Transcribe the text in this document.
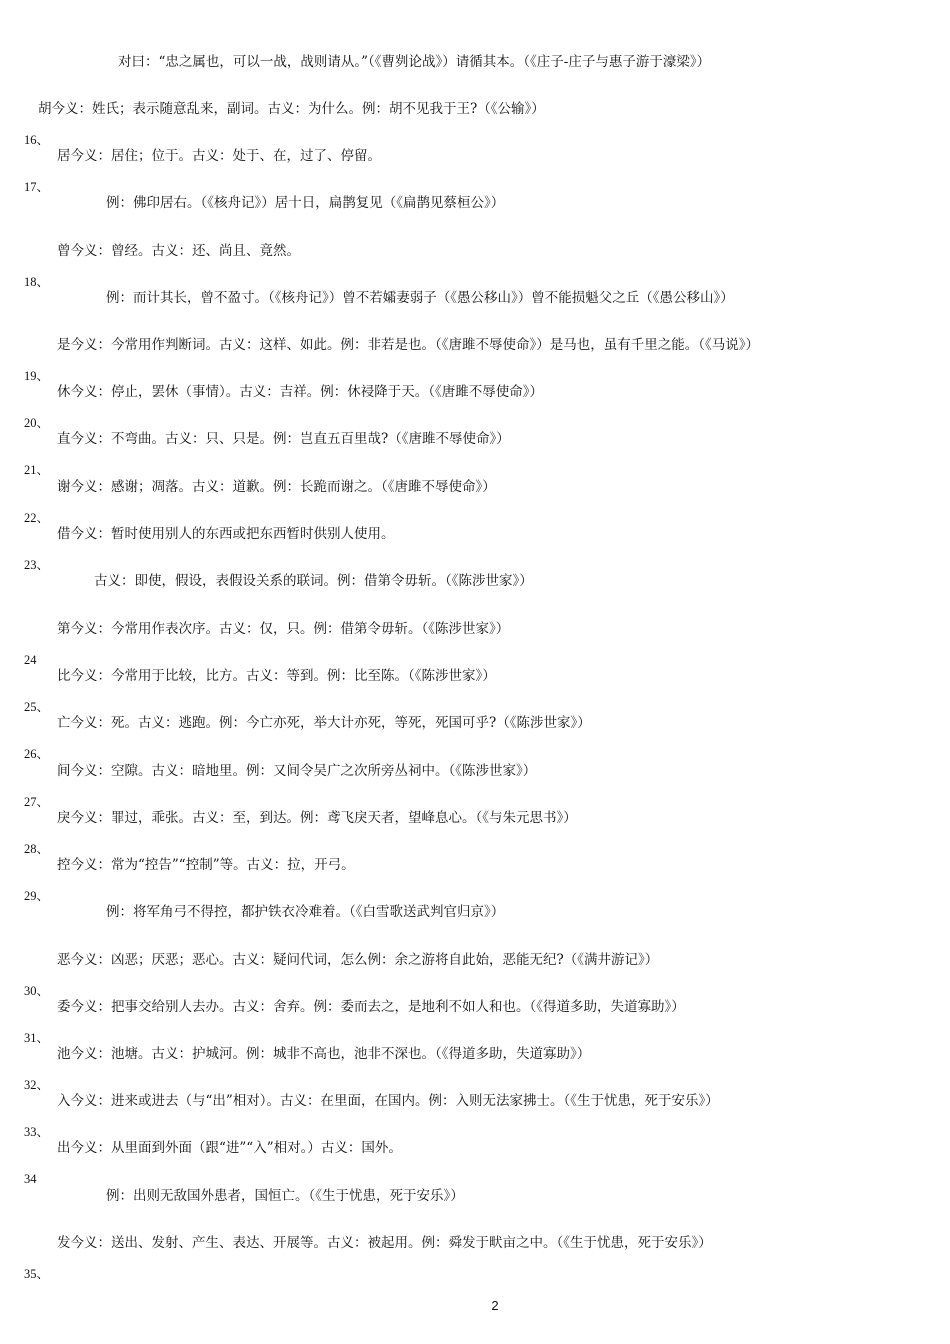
对曰：“忠之属也，可以一战，战则请从。”（《曹刿论战》）请循其本。（《庄子-庄子与惠子游于濠梁》）
胡今义：姓氏；表示随意乱来，副词。古义：为什么。例：胡不见我于王?（《公输》）
16、
居今义：居住；位于。古义：处于、在，过了、停留。
17、
例：佛印居右。（《核舟记》）居十日，扁鹊复见（《扁鹊见蔡桓公》）
曾今义：曾经。古义：还、尚且、竟然。
18、
例：而计其长，曾不盈寸。（《核舟记》）曾不若孀妻弱子（《愚公移山》）曾不能损魁父之丘（《愚公移山》）
是今义：今常用作判断词。古义：这样、如此。例：非若是也。（《唐雎不辱使命》）是马也，虽有千里之能。（《马说》）
19、
休今义：停止，罢休（事情）。古义：吉祥。例：休祲降于天。（《唐雎不辱使命》）
20、
直今义：不弯曲。古义：只、只是。例：岂直五百里哉?（《唐雎不辱使命》）
21、
谢今义：感谢；凋落。古义：道歉。例：长跪而谢之。（《唐雎不辱使命》）
22、
借今义：暂时使用别人的东西或把东西暂时供别人使用。
23、
古义：即使，假设，表假设关系的联词。例：借第令毋斩。（《陈涉世家》）
第今义：今常用作表次序。古义：仅，只。例：借第令毋斩。（《陈涉世家》）
24
比今义：今常用于比较，比方。古义：等到。例：比至陈。（《陈涉世家》）
25、
亡今义：死。古义：逃跑。例：今亡亦死，举大计亦死，等死，死国可乎?（《陈涉世家》）
26、
间今义：空隙。古义：暗地里。例：又间令吴广之次所旁丛祠中。（《陈涉世家》）
27、
戾今义：罪过，乖张。古义：至，到达。例：鸢飞戾天者，望峰息心。（《与朱元思书》）
28、
控今义：常为“控告”“控制”等。古义：拉，开弓。
29、
例：将军角弓不得控，都护铁衣冷难着。（《白雪歌送武判官归京》）
恶今义：凶恶；厌恶；恶心。古义：疑问代词，怎么例：余之游将自此始，恶能无纪?（《满井游记》）
30、
委今义：把事交给别人去办。古义：舍弃。例：委而去之，是地利不如人和也。（《得道多助，失道寡助》）
31、
池今义：池塘。古义：护城河。例：城非不高也，池非不深也。（《得道多助，失道寡助》）
32、
入今义：进来或进去（与“出”相对）。古义：在里面，在国内。例：入则无法家拂士。（《生于忧患，死于安乐》）
33、
出今义：从里面到外面（跟“进”“入”相对。）古义：国外。
34
例：出则无敌国外患者，国恒亡。（《生于忧患，死于安乐》）
发今义：送出、发射、产生、表达、开展等。古义：被起用。例：舜发于畎亩之中。（《生于忧患，死于安乐》）
35、
2
